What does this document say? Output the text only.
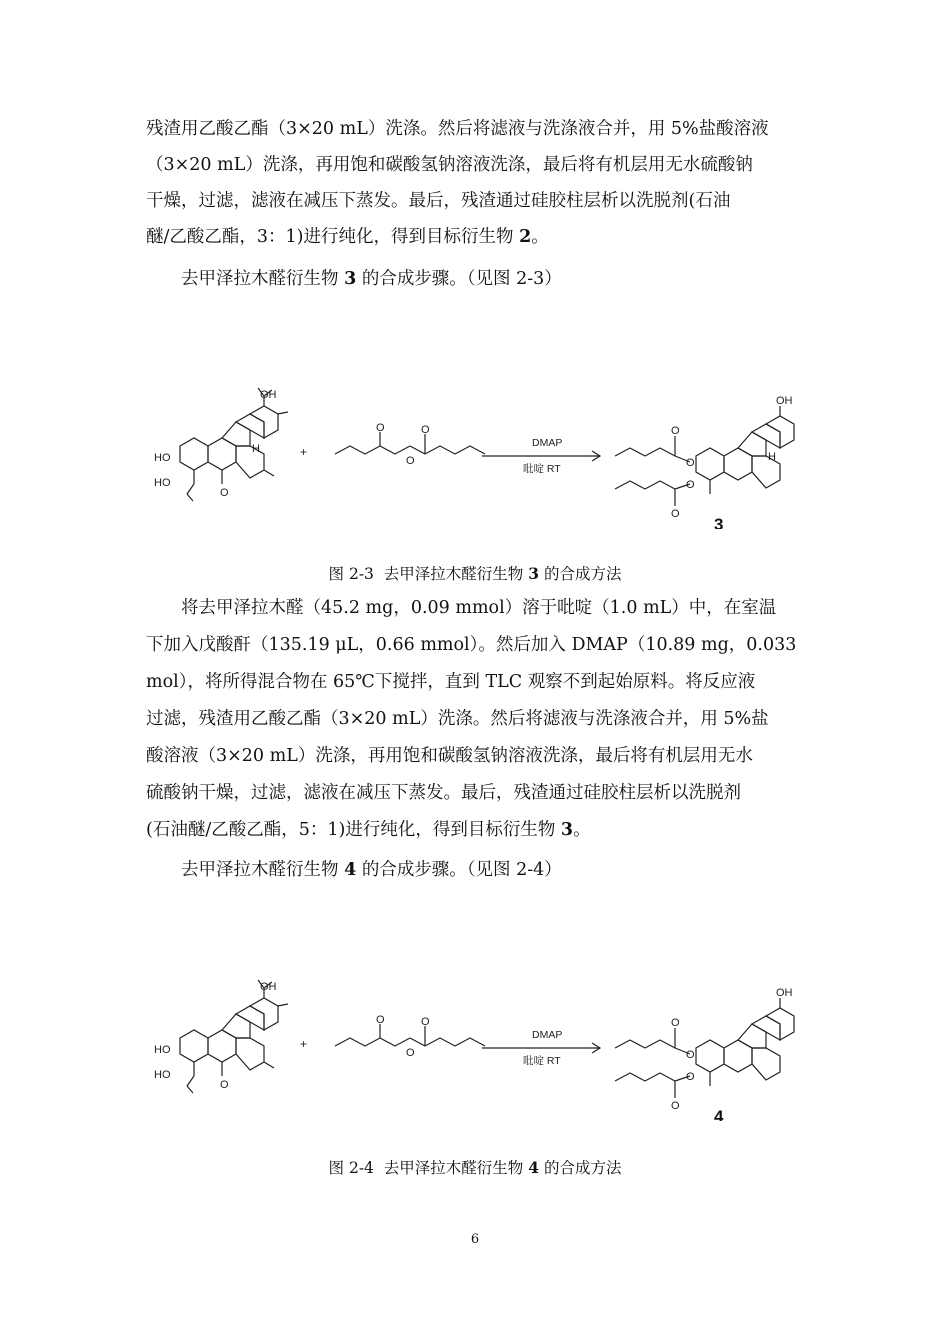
残渣用乙酸乙酯（3×20 mL）洗涤。然后将滤液与洗涤液合并，用 5%盐酸溶液

（3×20 mL）洗涤，再用饱和碳酸氢钠溶液洗涤，最后将有机层用无水硫酸钠

干燥，过滤，滤液在减压下蒸发。最后，残渣通过硅胶柱层析以洗脱剂(石油

醚/乙酸乙酯，3：1)进行纯化，得到目标衍生物 2。

去甲泽拉木醛衍生物 3 的合成步骤。（见图 2-3）

HO
HO
O
OH
H	+
O
O
O
DMAP
吡啶 RT
O
O
O
O
OH
H
3
图 2-3 去甲泽拉木醛衍生物 3 的合成方法

将去甲泽拉木醛（45.2 mg，0.09 mmol）溶于吡啶（1.0 mL）中，在室温

下加入戊酸酐（135.19 μL，0.66 mmol）。然后加入 DMAP（10.89 mg，0.033

mol），将所得混合物在 65℃下搅拌，直到 TLC 观察不到起始原料。将反应液

过滤，残渣用乙酸乙酯（3×20 mL）洗涤。然后将滤液与洗涤液合并，用 5%盐

酸溶液（3×20 mL）洗涤，再用饱和碳酸氢钠溶液洗涤，最后将有机层用无水

硫酸钠干燥，过滤，滤液在减压下蒸发。最后，残渣通过硅胶柱层析以洗脱剂

(石油醚/乙酸乙酯，5：1)进行纯化，得到目标衍生物 3。

去甲泽拉木醛衍生物 4 的合成步骤。（见图 2-4）

HO
HO
O
OH
+
O
O
O
DMAP
吡啶 RT
O
O
O
O
OH
4
图 2-4 去甲泽拉木醛衍生物 4 的合成方法
6
